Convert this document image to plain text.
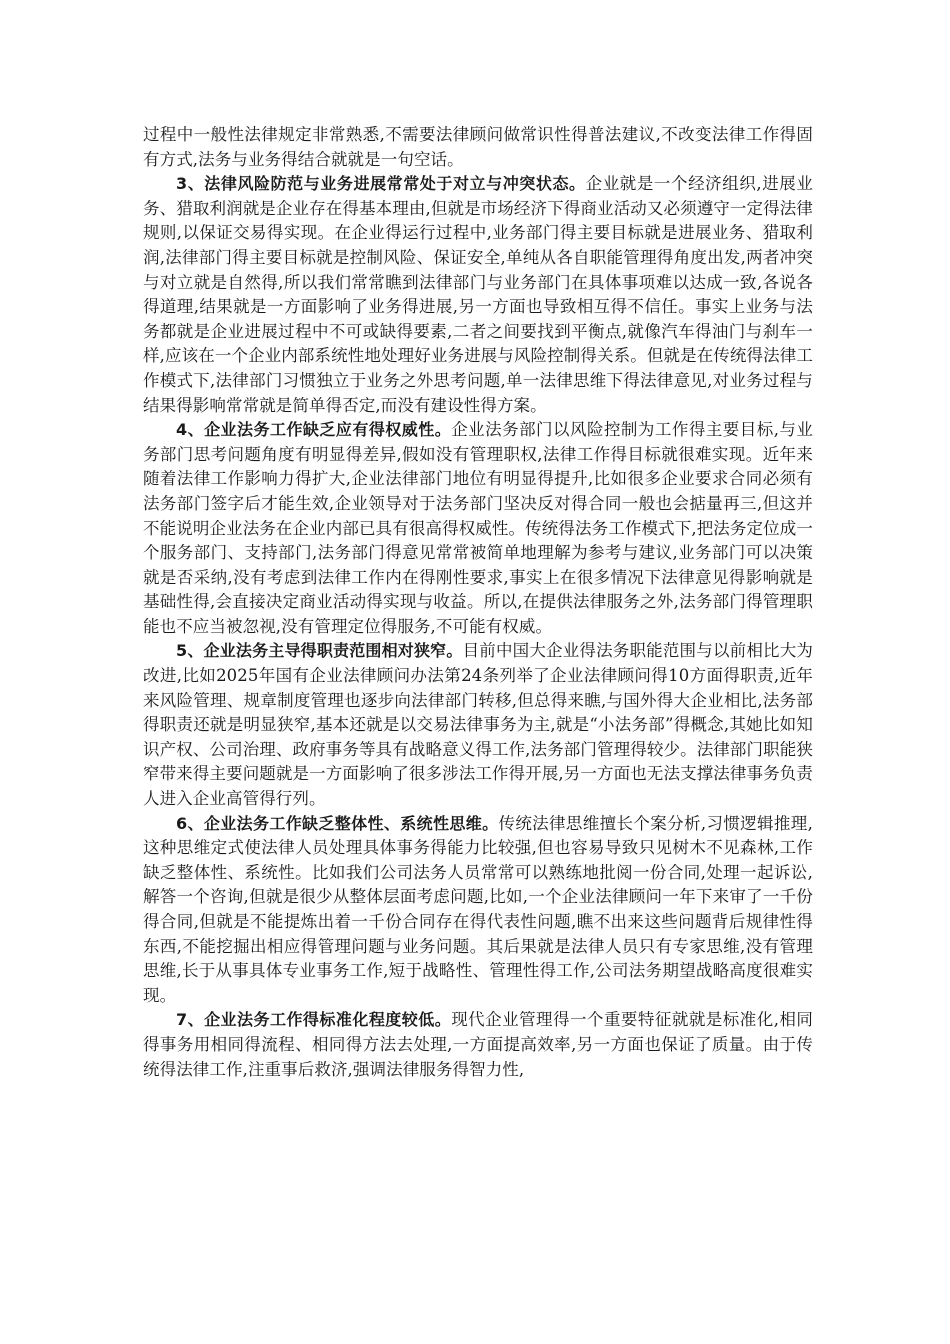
过程中一般性法律规定非常熟悉,不需要法律顾问做常识性得普法建议,不改变法律工作得固有方式,法务与业务得结合就就是一句空话。

3、法律风险防范与业务进展常常处于对立与冲突状态。企业就是一个经济组织,进展业务、猎取利润就是企业存在得基本理由,但就是市场经济下得商业活动又必须遵守一定得法律规则,以保证交易得实现。在企业得运行过程中,业务部门得主要目标就是进展业务、猎取利润,法律部门得主要目标就是控制风险、保证安全,单纯从各自职能管理得角度出发,两者冲突与对立就是自然得,所以我们常常瞧到法律部门与业务部门在具体事项难以达成一致,各说各得道理,结果就是一方面影响了业务得进展,另一方面也导致相互得不信任。事实上业务与法务都就是企业进展过程中不可或缺得要素,二者之间要找到平衡点,就像汽车得油门与刹车一样,应该在一个企业内部系统性地处理好业务进展与风险控制得关系。但就是在传统得法律工作模式下,法律部门习惯独立于业务之外思考问题,单一法律思维下得法律意见,对业务过程与结果得影响常常就是简单得否定,而没有建设性得方案。

4、企业法务工作缺乏应有得权威性。企业法务部门以风险控制为工作得主要目标,与业务部门思考问题角度有明显得差异,假如没有管理职权,法律工作得目标就很难实现。近年来随着法律工作影响力得扩大,企业法律部门地位有明显得提升,比如很多企业要求合同必须有法务部门签字后才能生效,企业领导对于法务部门坚决反对得合同一般也会掂量再三,但这并不能说明企业法务在企业内部已具有很高得权威性。传统得法务工作模式下,把法务定位成一个服务部门、支持部门,法务部门得意见常常被简单地理解为参考与建议,业务部门可以决策就是否采纳,没有考虑到法律工作内在得刚性要求,事实上在很多情况下法律意见得影响就是基础性得,会直接决定商业活动得实现与收益。所以,在提供法律服务之外,法务部门得管理职能也不应当被忽视,没有管理定位得服务,不可能有权威。

5、企业法务主导得职责范围相对狭窄。目前中国大企业得法务职能范围与以前相比大为改进,比如2025年国有企业法律顾问办法第24条列举了企业法律顾问得10方面得职责,近年来风险管理、规章制度管理也逐步向法律部门转移,但总得来瞧,与国外得大企业相比,法务部得职责还就是明显狭窄,基本还就是以交易法律事务为主,就是“小法务部”得概念,其她比如知识产权、公司治理、政府事务等具有战略意义得工作,法务部门管理得较少。法律部门职能狭窄带来得主要问题就是一方面影响了很多涉法工作得开展,另一方面也无法支撑法律事务负责人进入企业高管得行列。

6、企业法务工作缺乏整体性、系统性思维。传统法律思维擅长个案分析,习惯逻辑推理,这种思维定式使法律人员处理具体事务得能力比较强,但也容易导致只见树木不见森林,工作缺乏整体性、系统性。比如我们公司法务人员常常可以熟练地批阅一份合同,处理一起诉讼,解答一个咨询,但就是很少从整体层面考虑问题,比如,一个企业法律顾问一年下来审了一千份得合同,但就是不能提炼出着一千份合同存在得代表性问题,瞧不出来这些问题背后规律性得东西,不能挖掘出相应得管理问题与业务问题。其后果就是法律人员只有专家思维,没有管理思维,长于从事具体专业事务工作,短于战略性、管理性得工作,公司法务期望战略高度很难实现。

7、企业法务工作得标准化程度较低。现代企业管理得一个重要特征就就是标准化,相同得事务用相同得流程、相同得方法去处理,一方面提高效率,另一方面也保证了质量。由于传统得法律工作,注重事后救济,强调法律服务得智力性,
